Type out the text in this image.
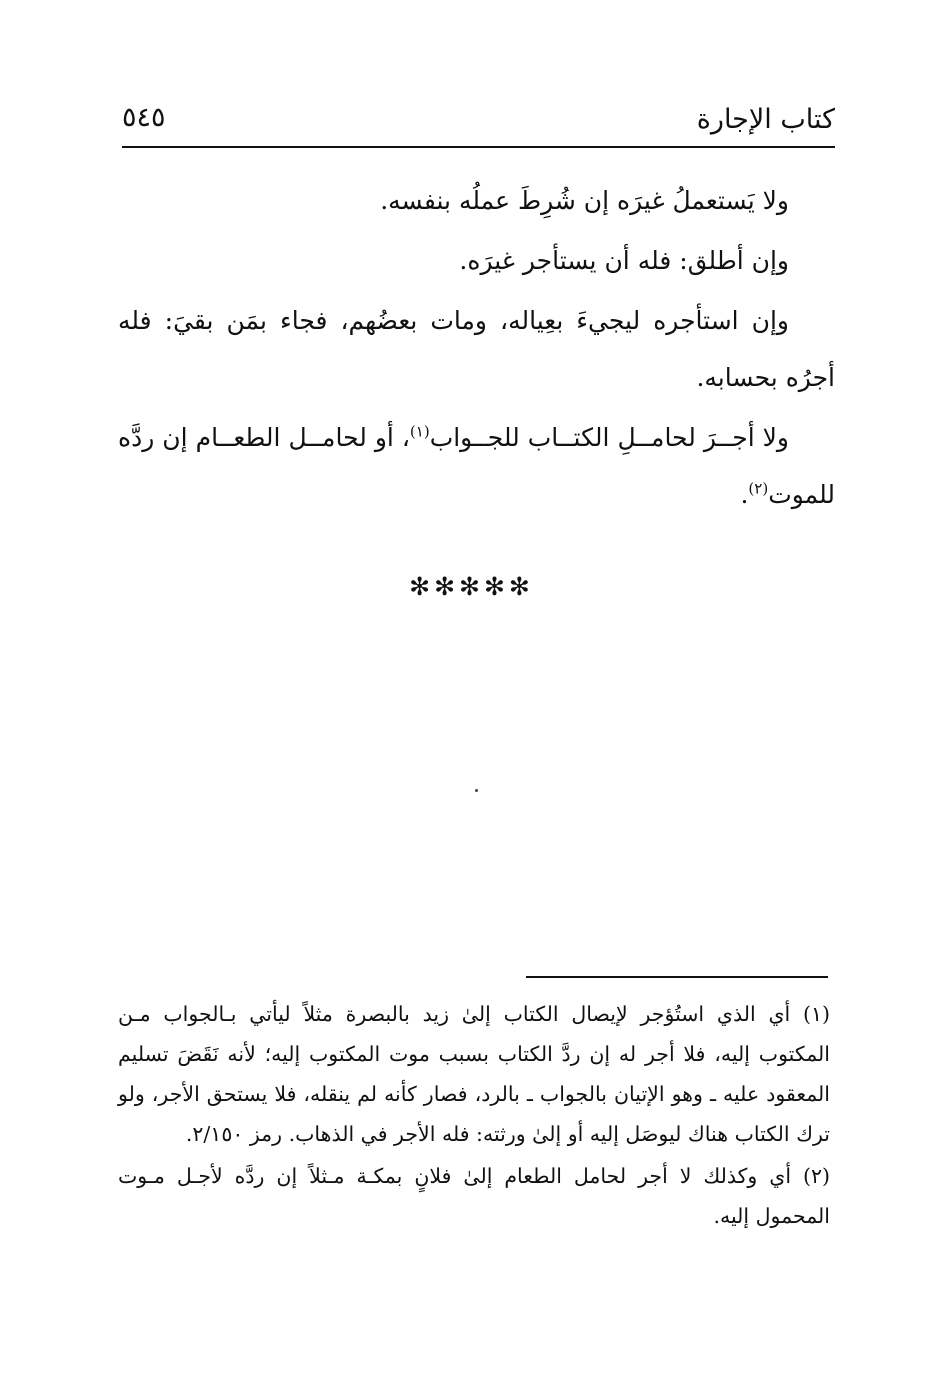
كتاب الإجارة
٥٤٥

ولا يَستعملُ غيرَه إن شُرِطَ عملُه بنفسه.

وإن أطلق: فله أن يستأجر غيرَه.

وإن استأجره ليجيءَ بعِياله، ومات بعضُهم، فجاء بمَن بقيَ: فله أجرُه بحسابه.

ولا أجــرَ لحامــلِ الكتــاب للجــواب$^{(١)}$، أو لحامــل الطعــام إن ردَّه للموت$^{(٢)}$.

✻✻✻✻✻

(١) أي الذي استُؤجر لإيصال الكتاب إلىٰ زيد بالبصرة مثلاً ليأتي بـالجواب مـن المكتوب إليه، فلا أجر له إن ردَّ الكتاب بسبب موت المكتوب إليه؛ لأنه نَقَضَ تسليم المعقود عليه ـ وهو الإتيان بالجواب ـ بالرد، فصار كأنه لم ينقله، فلا يستحق الأجر، ولو ترك الكتاب هناك ليوصَل إليه أو إلىٰ ورثته: فله الأجر في الذهاب. رمز ٢/١٥٠.

(٢) أي وكذلك لا أجر لحامل الطعام إلىٰ فلانٍ بمكـة مـثلاً إن ردَّه لأجـل مـوت المحمول إليه.
